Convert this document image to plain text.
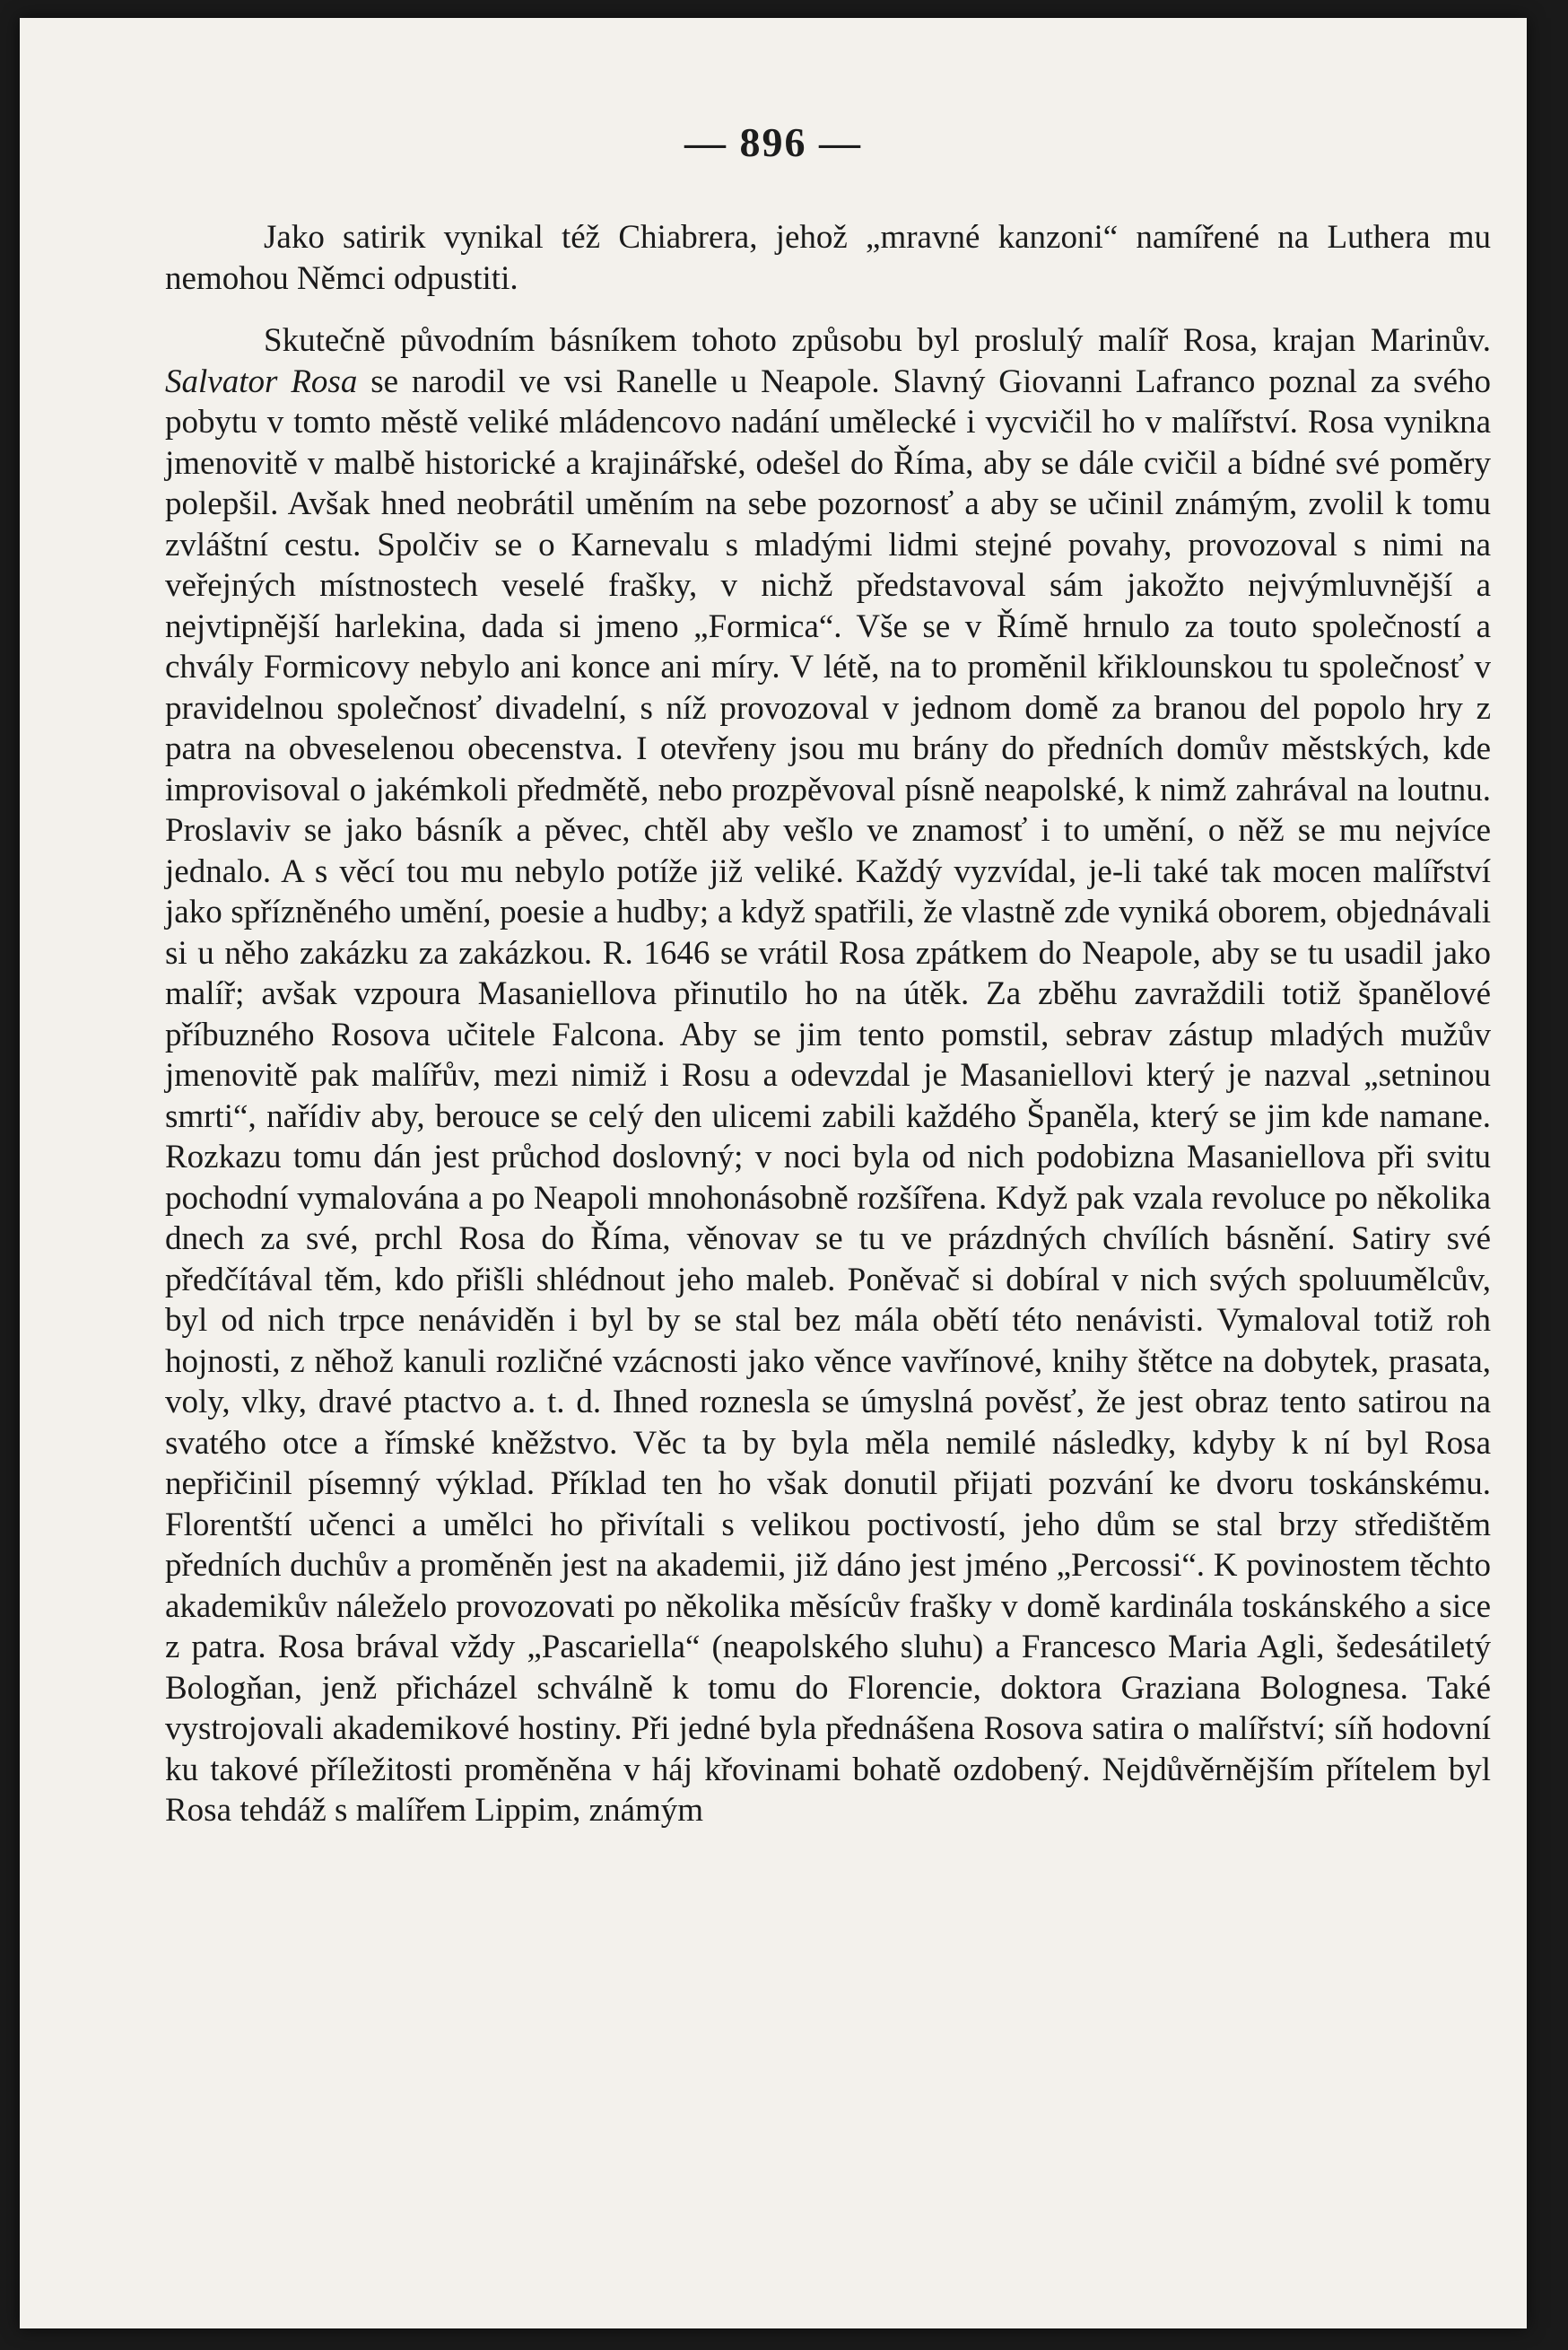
— 896 —

Jako satirik vynikal též Chiabrera, jehož „mravné kanzoni“ namířené na Luthera mu nemohou Němci odpustiti.

Skutečně původním básníkem tohoto způsobu byl proslulý malíř Rosa, krajan Marinův. Salvator Rosa se narodil ve vsi Ranelle u Neapole. Slavný Giovanni Lafranco poznal za svého pobytu v tomto městě veliké mládencovo nadání umělecké i vycvičil ho v malířství. Rosa vynikna jmenovitě v malbě historické a krajinářské, odešel do Říma, aby se dále cvičil a bídné své poměry polepšil. Avšak hned neobrátil uměním na sebe pozornosť a aby se učinil známým, zvolil k tomu zvláštní cestu. Spolčiv se o Karnevalu s mladými lidmi stejné povahy, provozoval s nimi na veřejných místnostech veselé frašky, v nichž představoval sám jakožto nejvýmluvnější a nejvtipnější harlekina, dada si jmeno „Formica“. Vše se v Římě hrnulo za touto společností a chvály Formicovy nebylo ani konce ani míry. V létě, na to proměnil křiklounskou tu společnosť v pravidelnou společnosť divadelní, s níž provozoval v jednom domě za branou del popolo hry z patra na obveselenou obecenstva. I otevřeny jsou mu brány do předních domův městských, kde improvisoval o jakémkoli předmětě, nebo prozpěvoval písně neapolské, k nimž zahrával na loutnu. Proslaviv se jako básník a pěvec, chtěl aby vešlo ve znamosť i to umění, o něž se mu nejvíce jednalo. A s věcí tou mu nebylo potíže již veliké. Každý vyzvídal, je-li také tak mocen malířství jako spřízněného umění, poesie a hudby; a když spatřili, že vlastně zde vyniká oborem, objednávali si u něho zakázku za zakázkou. R. 1646 se vrátil Rosa zpátkem do Neapole, aby se tu usadil jako malíř; avšak vzpoura Masaniellova přinutilo ho na útěk. Za zběhu zavraždili totiž španělové příbuzného Rosova učitele Falcona. Aby se jim tento pomstil, sebrav zástup mladých mužův jmenovitě pak malířův, mezi nimiž i Rosu a odevzdal je Masaniellovi který je nazval „setninou smrti“, nařídiv aby, berouce se celý den ulicemi zabili každého Španěla, který se jim kde namane. Rozkazu tomu dán jest průchod doslovný; v noci byla od nich podobizna Masaniellova při svitu pochodní vymalována a po Neapoli mnohonásobně rozšířena. Když pak vzala revoluce po několika dnech za své, prchl Rosa do Říma, věnovav se tu ve prázdných chvílích básnění. Satiry své předčítával těm, kdo přišli shlédnout jeho maleb. Poněvač si dobíral v nich svých spoluumělcův, byl od nich trpce nenáviděn i byl by se stal bez mála obětí této nenávisti. Vymaloval totiž roh hojnosti, z něhož kanuli rozličné vzácnosti jako věnce vavřínové, knihy štětce na dobytek, prasata, voly, vlky, dravé ptactvo a. t. d. Ihned roznesla se úmyslná pověsť, že jest obraz tento satirou na svatého otce a římské kněžstvo. Věc ta by byla měla nemilé následky, kdyby k ní byl Rosa nepřičinil písemný výklad. Příklad ten ho však donutil přijati pozvání ke dvoru toskánskému. Florentští učenci a umělci ho přivítali s velikou poctivostí, jeho dům se stal brzy středištěm předních duchův a proměněn jest na akademii, již dáno jest jméno „Percossi“. K povinostem těchto akademikův náleželo provozovati po několika měsícův frašky v domě kardinála toskánského a sice z patra. Rosa brával vždy „Pascariella“ (neapolského sluhu) a Francesco Maria Agli, šedesátiletý Bologňan, jenž přicházel schválně k tomu do Florencie, doktora Graziana Bolognesa. Také vystrojovali akademikové hostiny. Při jedné byla přednášena Rosova satira o malířství; síň hodovní ku takové příležitosti proměněna v háj křovinami bohatě ozdobený. Nejdůvěrnějším přítelem byl Rosa tehdáž s malířem Lippim, známým
